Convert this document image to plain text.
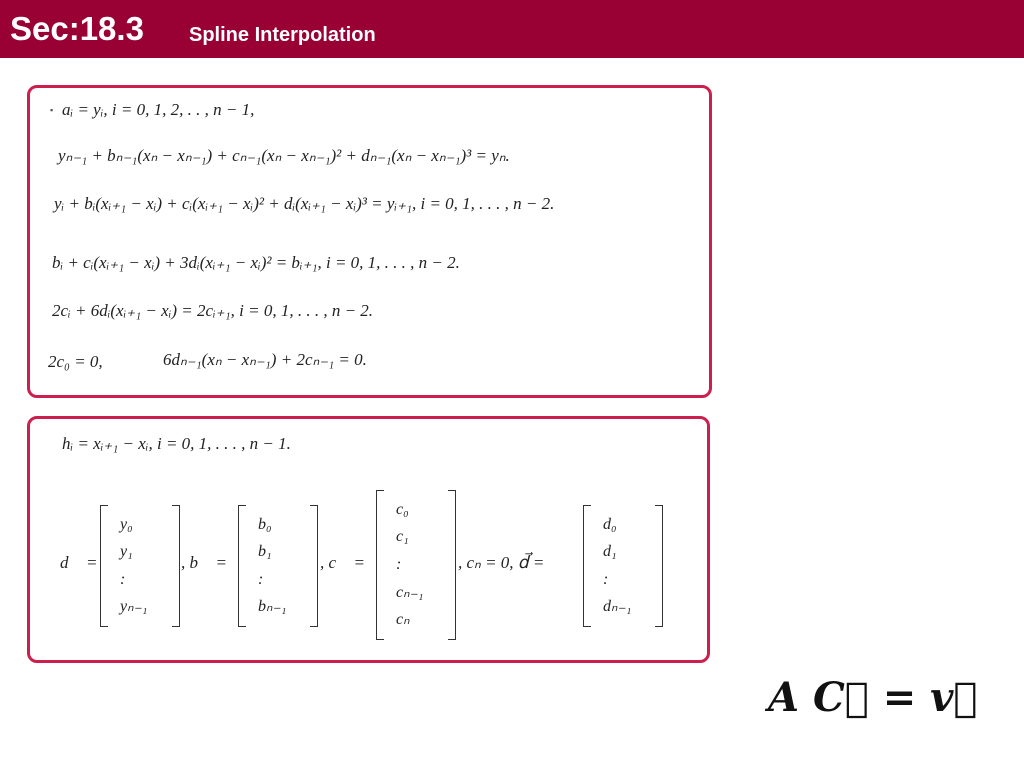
Sec:18.3 Spline Interpolation
▪ aᵢ = yᵢ, i = 0, 1, 2, . . , n − 1,
yₙ₋₁ + bₙ₋₁(xₙ − xₙ₋₁) + cₙ₋₁(xₙ − xₙ₋₁)² + dₙ₋₁(xₙ − xₙ₋₁)³ = yₙ.
yᵢ + bᵢ(xᵢ₊₁ − xᵢ) + cᵢ(xᵢ₊₁ − xᵢ)² + dᵢ(xᵢ₊₁ − xᵢ)³ = yᵢ₊₁, i = 0, 1, . . . , n − 2.
bᵢ + cᵢ(xᵢ₊₁ − xᵢ) + 3dᵢ(xᵢ₊₁ − xᵢ)² = bᵢ₊₁, i = 0, 1, . . . , n − 2.
2cᵢ + 6dᵢ(xᵢ₊₁ − xᵢ) = 2cᵢ₊₁, i = 0, 1, . . . , n − 2.
2c₀ = 0,	6dₙ₋₁(xₙ − xₙ₋₁) + 2cₙ₋₁ = 0.
hᵢ = xᵢ₊₁ − xᵢ, i = 0, 1, . . . , n − 1.
d⃗ =
y₀
y₁
:
yₙ₋₁
, b⃗ =
b₀
b₁
:
bₙ₋₁
, c⃗ =
c₀
c₁
:
cₙ₋₁
cₙ
, cₙ = 0, d⃗ =
d₀
d₁
:
dₙ₋₁
A C⃗ = v⃗
